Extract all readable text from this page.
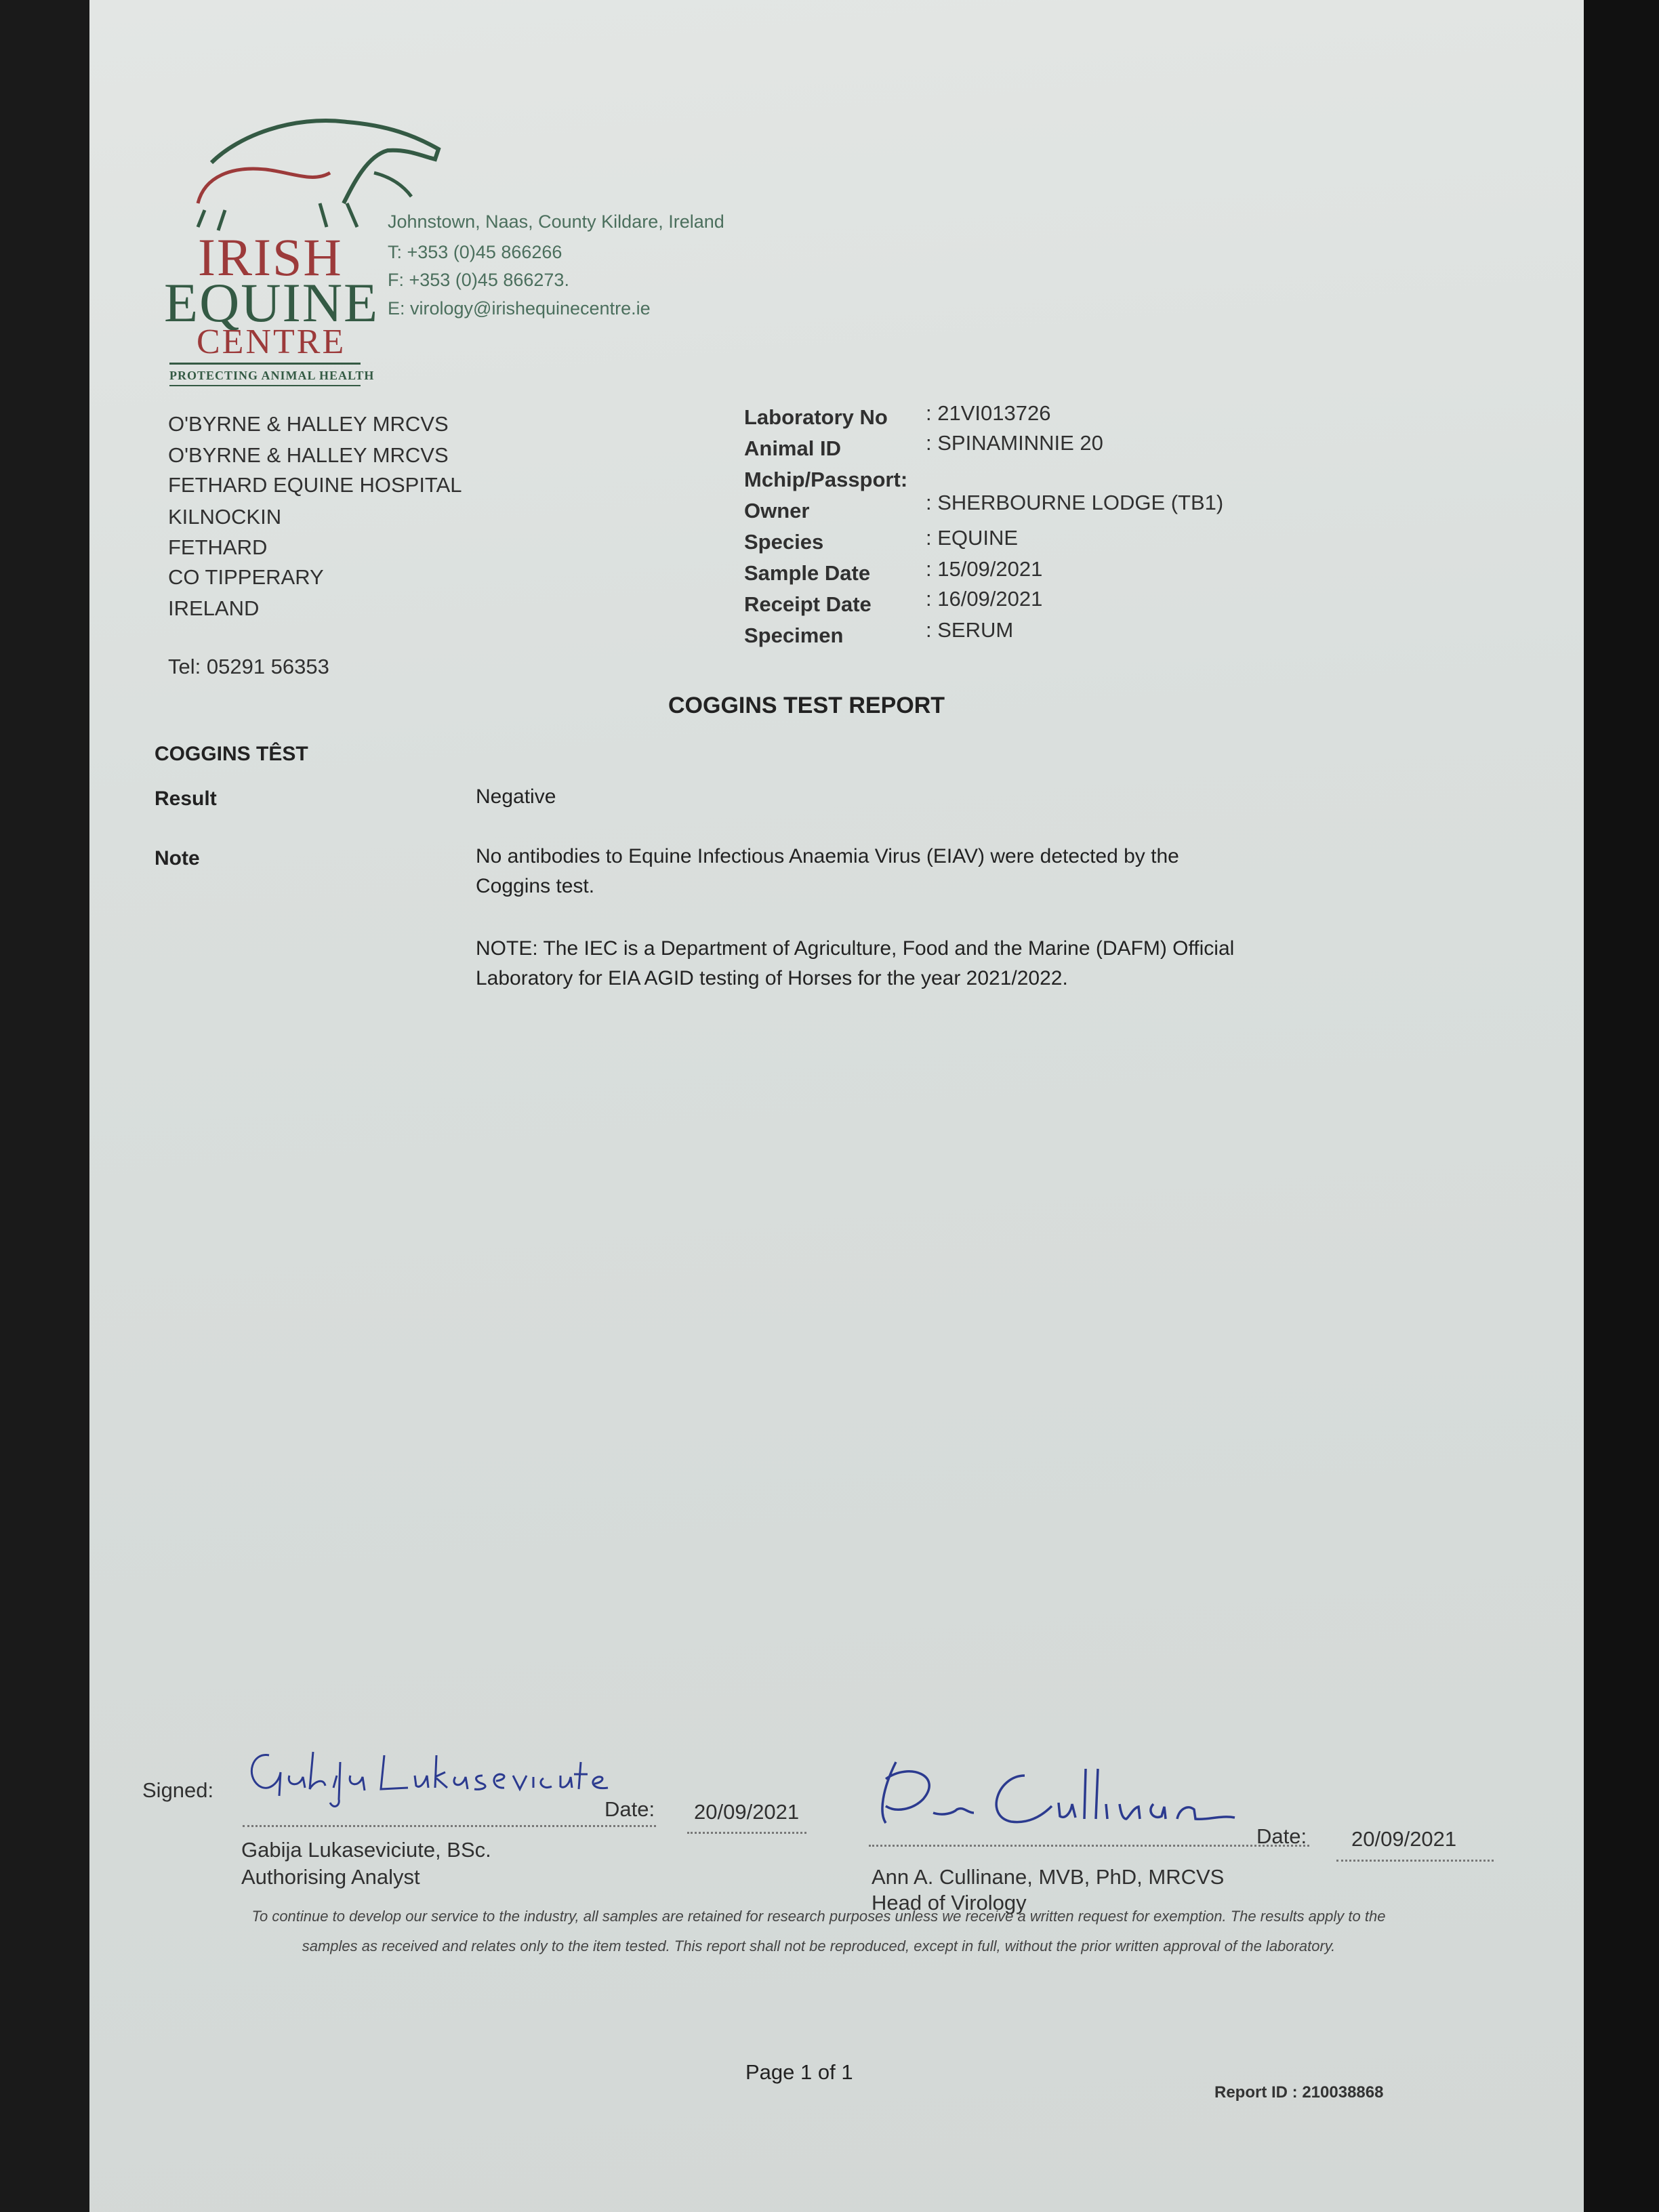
IRISH
EQUINE
CENTRE
PROTECTING ANIMAL HEALTH
Johnstown, Naas, County Kildare, Ireland
T: +353 (0)45 866266
F: +353 (0)45 866273.
E: virology@irishequinecentre.ie
O'BYRNE & HALLEY MRCVS
O'BYRNE & HALLEY MRCVS
FETHARD EQUINE HOSPITAL
KILNOCKIN
FETHARD
CO TIPPERARY
IRELAND
Tel: 05291 56353
Laboratory No : 21VI013726
Animal ID	: SPINAMINNIE 20
Mchip/Passport:
Owner	: SHERBOURNE LODGE (TB1)
Species	: EQUINE
Sample Date	: 15/09/2021
Receipt Date	: 16/09/2021
Specimen	: SERUM
COGGINS TEST REPORT
COGGINS TÊST
Result	Negative
Note	No antibodies to Equine Infectious Anaemia Virus (EIAV) were detected by the Coggins test.
NOTE: The IEC is a Department of Agriculture, Food and the Marine (DAFM) Official Laboratory for EIA AGID testing of Horses for the year 2021/2022.
Signed:
Date: 20/09/2021
Gabija Lukaseviciute, BSc.
Authorising Analyst
Date: 20/09/2021
Ann A. Cullinane, MVB, PhD, MRCVS
Head of Virology
To continue to develop our service to the industry, all samples are retained for research purposes unless we receive a written request for exemption. The results apply to the samples as received and relates only to the item tested. This report shall not be reproduced, except in full, without the prior written approval of the laboratory.
Page 1 of 1
Report ID : 210038868
